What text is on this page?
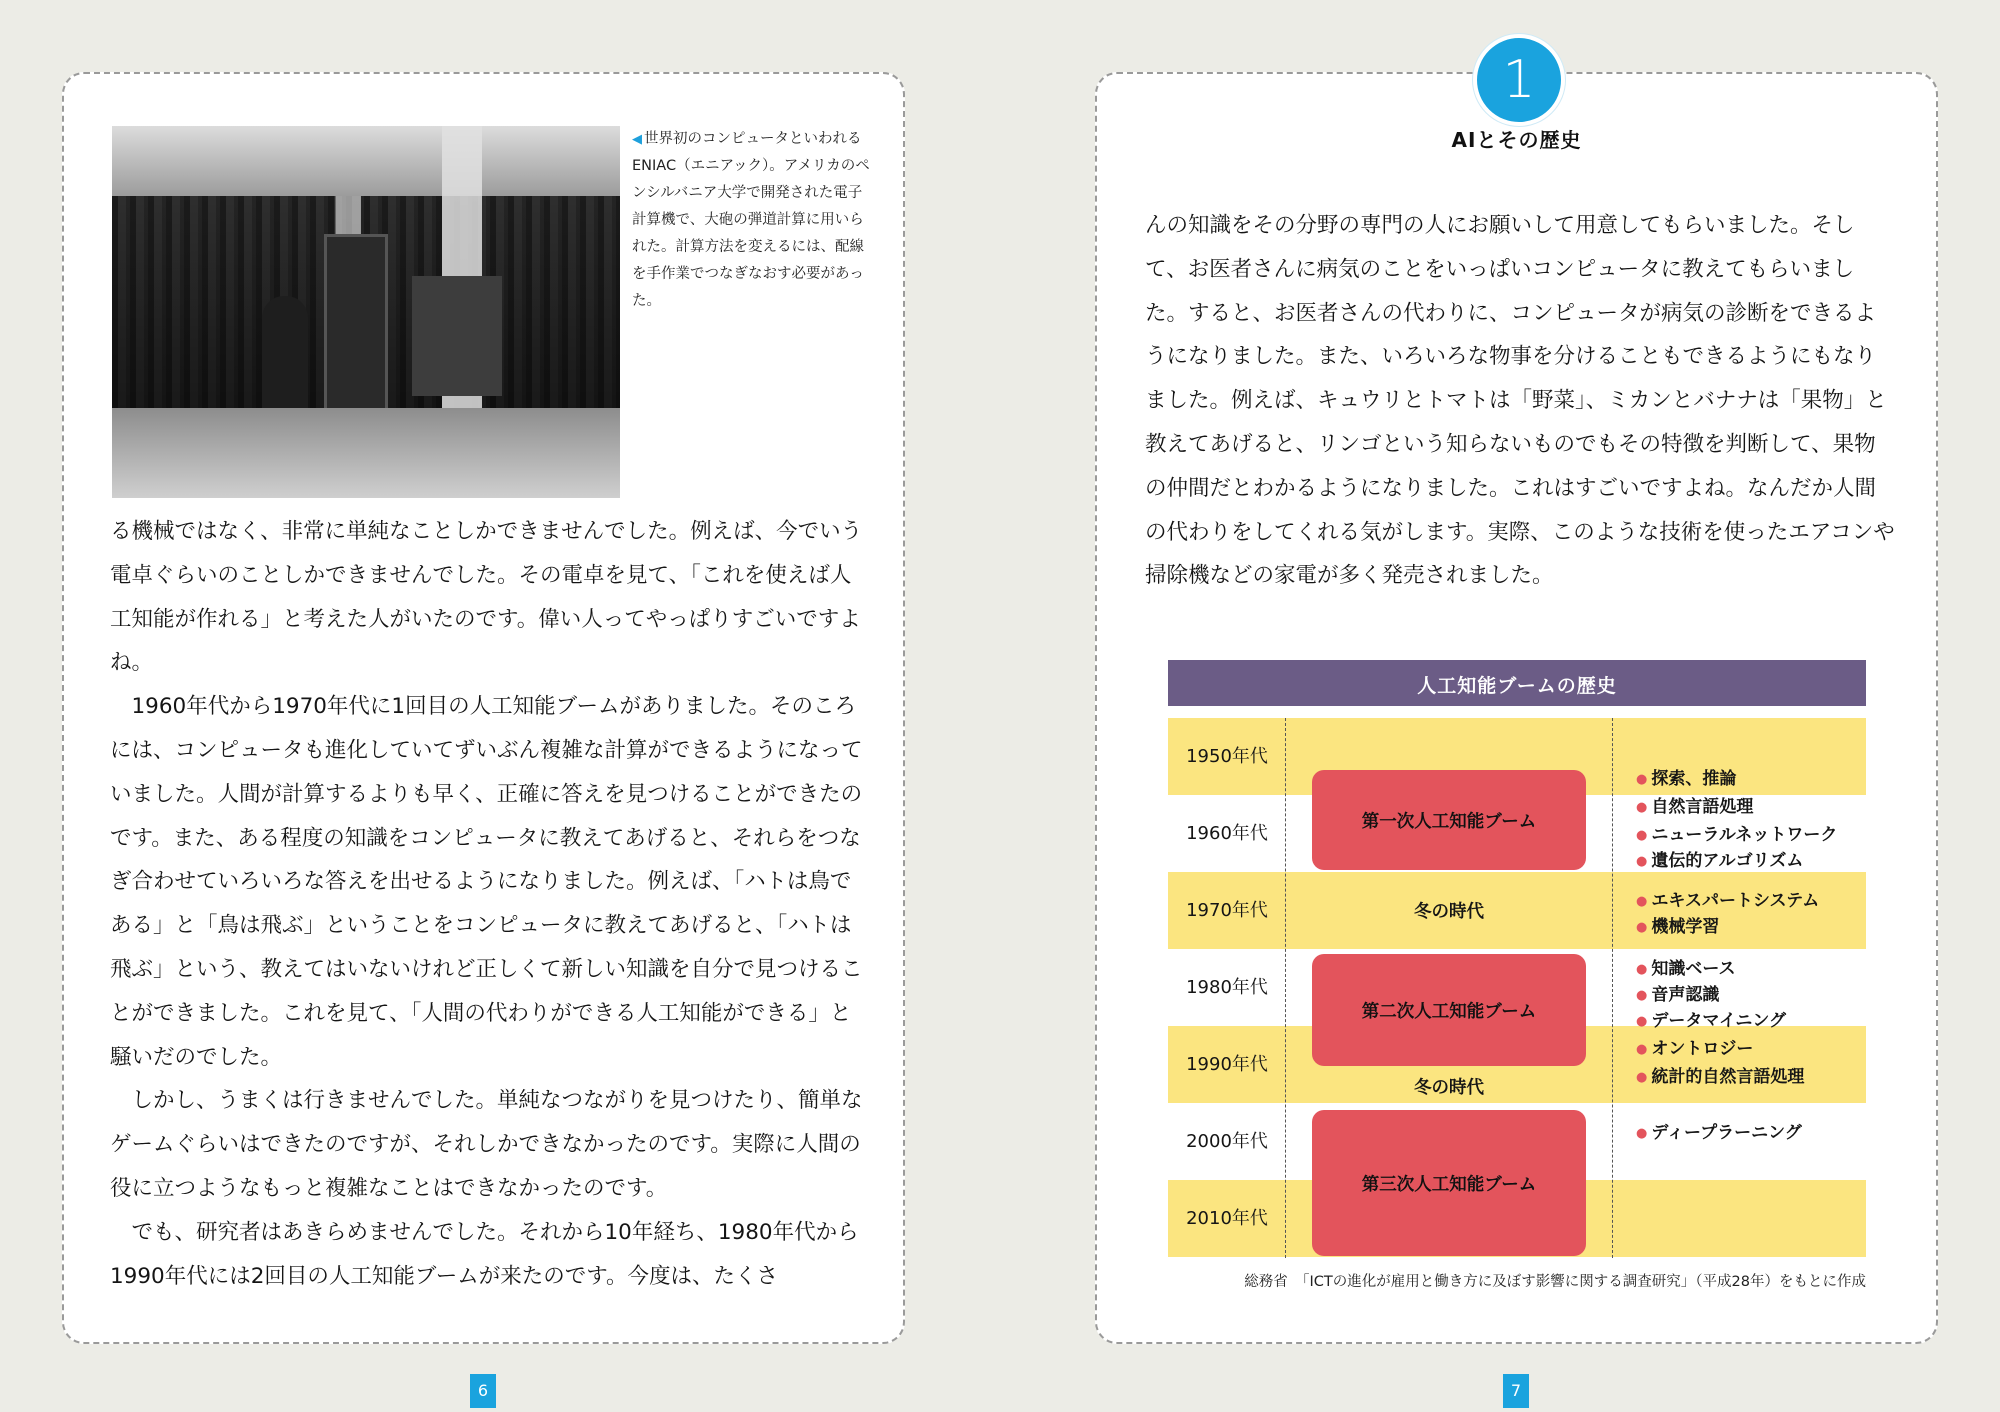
◀ 世界初のコンピュータといわれるENIAC（エニアック）。アメリカのペンシルバニア大学で開発された電子計算機で、大砲の弾道計算に用いられた。計算方法を変えるには、配線を手作業でつなぎなおす必要があった。

る機械ではなく、非常に単純なことしかできませんでした。例えば、今でいう電卓ぐらいのことしかできませんでした。その電卓を見て、「これを使えば人工知能が作れる」と考えた人がいたのです。偉い人ってやっぱりすごいですよね。

1960年代から1970年代に1回目の人工知能ブームがありました。そのころには、コンピュータも進化していてずいぶん複雑な計算ができるようになっていました。人間が計算するよりも早く、正確に答えを見つけることができたのです。また、ある程度の知識をコンピュータに教えてあげると、それらをつなぎ合わせていろいろな答えを出せるようになりました。例えば、「ハトは鳥である」と「鳥は飛ぶ」ということをコンピュータに教えてあげると、「ハトは飛ぶ」という、教えてはいないけれど正しくて新しい知識を自分で見つけることができました。これを見て、「人間の代わりができる人工知能ができる」と騒いだのでした。

しかし、うまくは行きませんでした。単純なつながりを見つけたり、簡単なゲームぐらいはできたのですが、それしかできなかったのです。実際に人間の役に立つようなもっと複雑なことはできなかったのです。

でも、研究者はあきらめませんでした。それから10年経ち、1980年代から1990年代には2回目の人工知能ブームが来たのです。今度は、たくさ

6
AIとその歴史

んの知識をその分野の専門の人にお願いして用意してもらいました。そして、お医者さんに病気のことをいっぱいコンピュータに教えてもらいました。すると、お医者さんの代わりに、コンピュータが病気の診断をできるようになりました。また、いろいろな物事を分けることもできるようにもなりました。例えば、キュウリとトマトは「野菜」、ミカンとバナナは「果物」と教えてあげると、リンゴという知らないものでもその特徴を判断して、果物の仲間だとわかるようになりました。これはすごいですよね。なんだか人間の代わりをしてくれる気がします。実際、このような技術を使ったエアコンや掃除機などの家電が多く発売されました。

1
7
人工知能ブームの歴史
1950年代
1960年代
1970年代
1980年代
1990年代
2000年代
2010年代
第一次人工知能ブーム
冬の時代
第二次人工知能ブーム
冬の時代
第三次人工知能ブーム
● 探索、推論
● 自然言語処理
● ニューラルネットワーク
● 遺伝的アルゴリズム
● エキスパートシステム
● 機械学習
● 知識ベース
● 音声認識
● データマイニング
● オントロジー
● 統計的自然言語処理
● ディープラーニング
総務省　「ICTの進化が雇用と働き方に及ぼす影響に関する調査研究」（平成28年）をもとに作成
